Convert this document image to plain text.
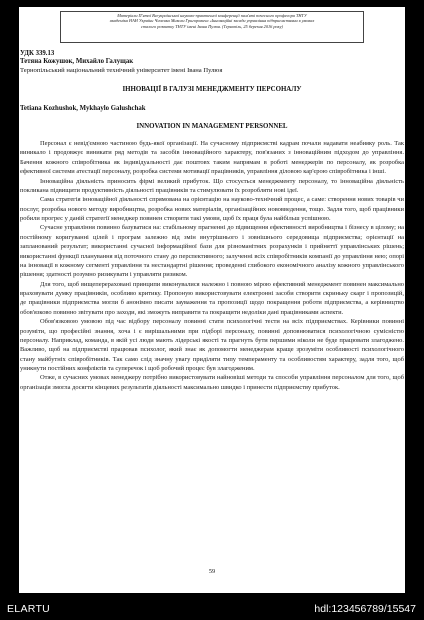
Матеріали П'ятої Всеукраїнської науково-практичної конференції пам'яті почесного професора ТНТУ

академіка НАН України Чиченка Миколи Григоровича «Інноваційні засади управління підприємствами в умовах

сталого розвитку ТНТУ імені Івана Пулюя. (Тернопіль, 25 березня 2016 року)

УДК 339.13
Тетяна Кожушок, Михайло Галущак
Тернопільський національний технічний університет імені Івана Пулюя
ІННОВАЦІЇ В ГАЛУЗІ МЕНЕДЖМЕНТУ ПЕРСОНАЛУ
Tetiana Kozhushok, Mykhaylo Galushchak
INNOVATION IN MANAGEMENT PERSONNEL

Персонал є невід'ємною частиною будь-якої організації. На сучасному підприємстві кадрам почали надавати неабияку роль. Так виникало і продовжує виникати ряд методів та засобів інноваційного характеру, пов'язаних з інноваційним підходом до управління. Бачення кожного співробітника як індивідуальності дає поштовх таким напрямам в роботі менеджерів по персоналу, як розробка ефективної системи атестації персоналу, розробка системи мотивації працівників, управління діловою кар'єрою співробітника і інші.

Інноваційна діяльність приносить фірмі великий прибуток. Що стосується менеджменту персоналу, то інноваційна діяльність покликана підвищити продуктивність діяльності працівників та стимулювати їх розробляти нові ідеї.

Сама стратегія інноваційної діяльності спрямована на орієнтацію на науково-технічний процес, а саме: створення нових товарів чи послуг, розробка нового методу виробництва, розробка нових матеріалів, організаційних нововведення, тощо. Задля того, щоб працівники робили прогрес у даній стратегії менеджер повинен створити такі умови, щоб їх праця була найбільш успішною.

Сучасне управління повинно базуватися на: стабільному прагненні до підвищення ефективності виробництва і бізнесу в цілому; на постійному коригуванні цілей і програм залежно від змін внутрішнього і зовнішнього середовища підприємства; орієнтації на запланований результат; використанні сучасної інформаційної бази для різноманітних розрахунків і прийняттї управлінських рішень; використанні функції планування від поточного стану до перспективного; залученні всіх співробітників компанії до управління нею; опорі на інновації в кожному сегменті управління та нестандартні рішення; проведенні глибокого економічного аналізу кожного управлінського рішення; здатності розумно ризикувати і управляти ризиком.

Для того, щоб вищеперераховані принципи виконувалися належно і повною мірою ефективний менеджмент повинен максимально враховувати думку працівників, особливо критику. Пропоную використовувати електронні засоби створити скриньку скарг і пропозицій, де працівники підприємства могли б анонімно писати зауваження та пропозиції щодо покращення роботи підприємства, а керівництво обов'язково повинно звітувати про заходи, які зможуть виправити та покращити недоліки дані працівниками аспекти.

Обов'язковою умовою під час відбору персоналу повинні стати психологічні тести на всіх підприємствах. Керівники повинні розуміти, що професійні знання, хоча і є вирішальними при підборі персоналу, повинні доповнюватися психологічною сумісністю персоналу. Наприклад, команда, в якій усі люди мають лідерські якості та прагнуть бути першими ніколи не буде працювати злагоджено. Важливо, щоб на підприємстві працював психолог, який знає як допомогти менеджерам краще зрозуміти особливості психологічного стану майбутніх співробітників. Так само слід значну увагу приділяти типу темпераменту та особливостям характеру, задля того, щоб уникнути постійних конфліктів та суперечок і щоб робочий процес був злагодженим.

Отже, в сучасних умовах менеджеру потрібно використовувати найновіші методи та способи управління персоналом для того, щоб організація змогла досягти кінцевих результатів діяльності максимально швидко і принести підприємству прибуток.

59
ELARTU	hdl:123456789/15547
